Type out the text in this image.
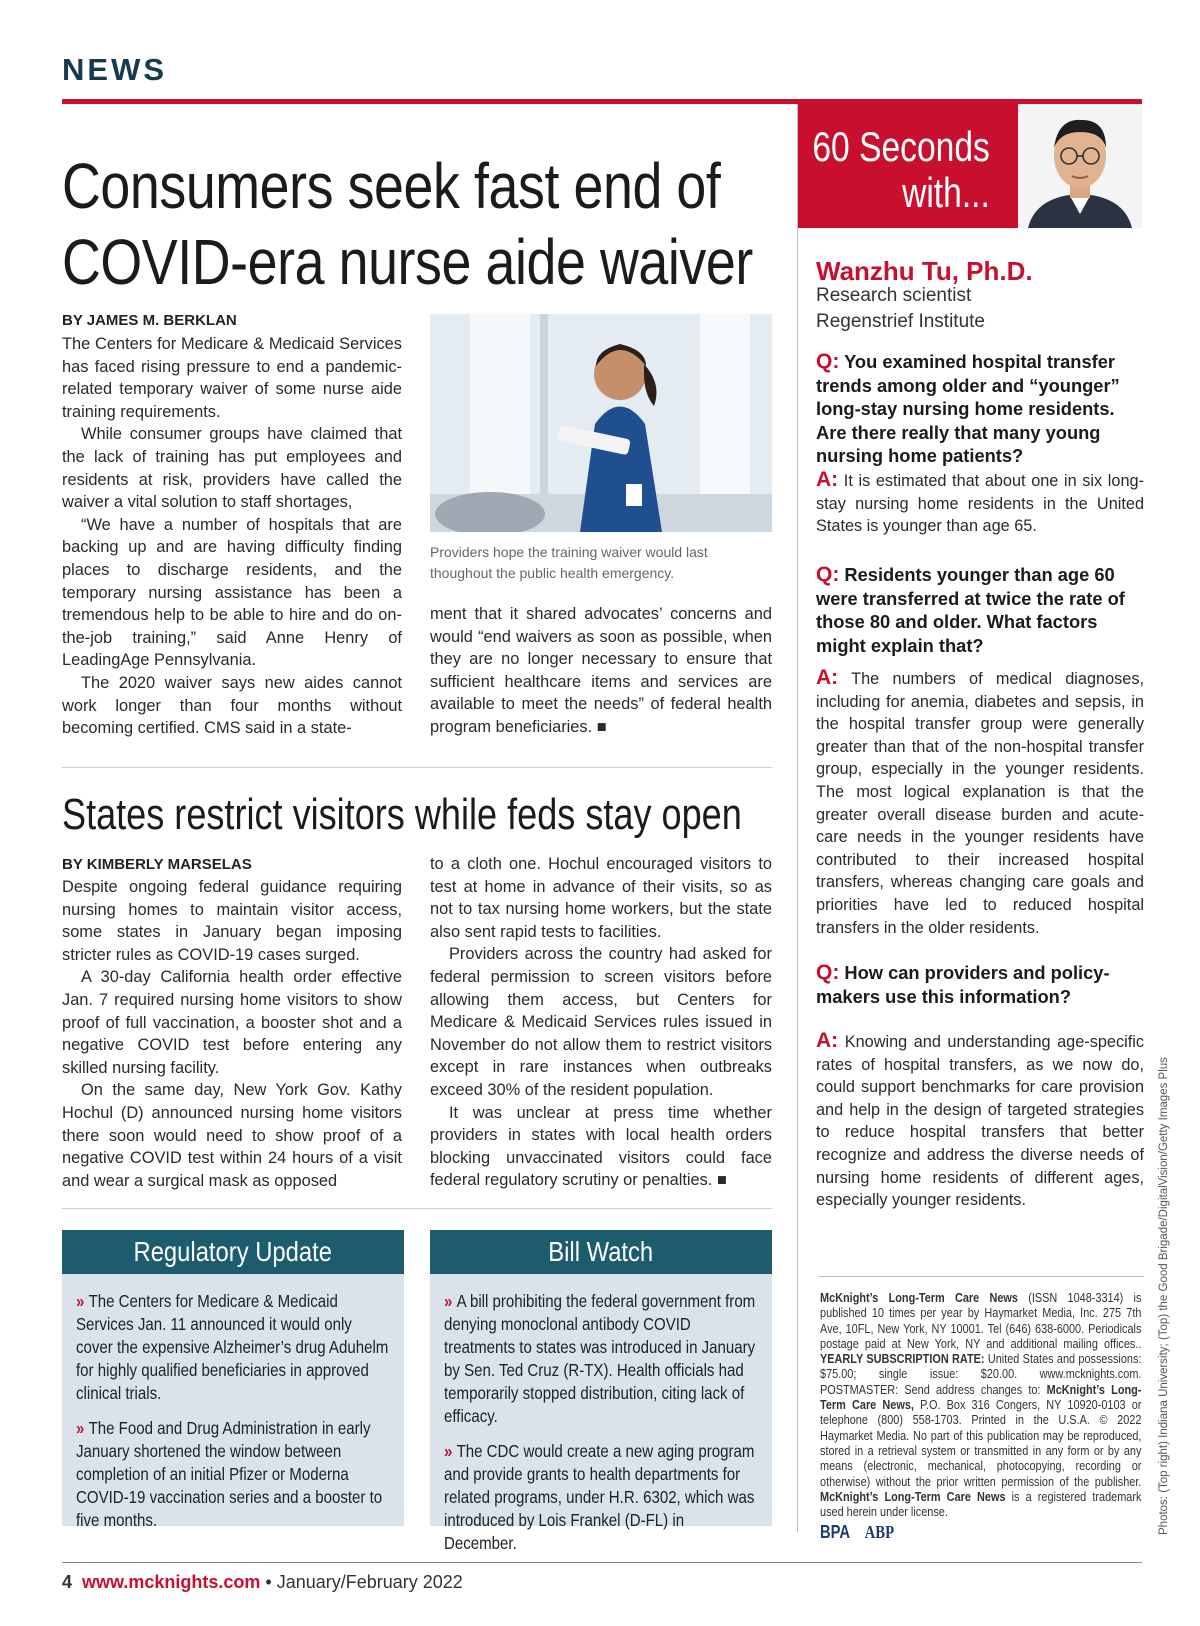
NEWS
Consumers seek fast end of
COVID-era nurse aide waiver
BY JAMES M. BERKLAN

The Centers for Medicare & Medicaid Services has faced rising pressure to end a pandemic-related temporary waiver of some nurse aide training requirements.

While consumer groups have claimed that the lack of training has put employees and residents at risk, providers have called the waiver a vital solution to staff shortages,

“We have a number of hospitals that are backing up and are having difficulty finding places to discharge residents, and the temporary nursing assistance has been a tremendous help to be able to hire and do on-the-job training,” said Anne Henry of LeadingAge Pennsylvania.

The 2020 waiver says new aides cannot work longer than four months without becoming certified. CMS said in a state-

Providers hope the training waiver would last thoughout the public health emergency.

ment that it shared advocates’ concerns and would “end waivers as soon as possible, when they are no longer necessary to ensure that sufficient healthcare items and services are available to meet the needs” of federal health program beneficiaries. ■

States restrict visitors while feds stay open
BY KIMBERLY MARSELAS

Despite ongoing federal guidance requiring nursing homes to maintain visitor access, some states in January began imposing stricter rules as COVID-19 cases surged.

A 30-day California health order effective Jan. 7 required nursing home visitors to show proof of full vaccination, a booster shot and a negative COVID test before entering any skilled nursing facility.

On the same day, New York Gov. Kathy Hochul (D) announced nursing home visitors there soon would need to show proof of a negative COVID test within 24 hours of a visit and wear a surgical mask as opposed

to a cloth one. Hochul encouraged visitors to test at home in advance of their visits, so as not to tax nursing home workers, but the state also sent rapid tests to facilities.

Providers across the country had asked for federal permission to screen visitors before allowing them access, but Centers for Medicare & Medicaid Services rules issued in November do not allow them to restrict visitors except in rare instances when outbreaks exceed 30% of the resident population.

It was unclear at press time whether providers in states with local health orders blocking unvaccinated visitors could face federal regulatory scrutiny or penalties. ■

Regulatory Update

» The Centers for Medicare & Medicaid Services Jan. 11 announced it would only cover the expensive Alzheimer’s drug Aduhelm for highly qualified beneficiaries in approved clinical trials.

» The Food and Drug Administration in early January shortened the window between completion of an initial Pfizer or Moderna COVID-19 vaccination series and a booster to five months.

Bill Watch

» A bill prohibiting the federal government from denying monoclonal antibody COVID treatments to states was introduced in January by Sen. Ted Cruz (R-TX). Health officials had temporarily stopped distribution, citing lack of efficacy.

» The CDC would create a new aging program and provide grants to health departments for related programs, under H.R. 6302, which was introduced by Lois Frankel (D-FL) in December.

60 Seconds
with...
Wanzhu Tu, Ph.D.
Research scientist
Regenstrief Institute
Q: You examined hospital transfer trends among older and “younger” long-stay nursing home residents. Are there really that many young nursing home patients?
A: It is estimated that about one in six long-stay nursing home residents in the United States is younger than age 65.
Q: Residents younger than age 60 were transferred at twice the rate of those 80 and older. What factors might explain that?
A: The numbers of medical diagnoses, including for anemia, diabetes and sepsis, in the hospital transfer group were generally greater than that of the non-hospital transfer group, especially in the younger residents. The most logical explanation is that the greater overall disease burden and acute-care needs in the younger residents have contributed to their increased hospital transfers, whereas changing care goals and priorities have led to reduced hospital transfers in the older residents.
Q: How can providers and policy-makers use this information?
A: Knowing and understanding age-specific rates of hospital transfers, as we now do, could support benchmarks for care provision and help in the design of targeted strategies to reduce hospital transfers that better recognize and address the diverse needs of nursing home residents of different ages, especially younger residents.
McKnight’s Long-Term Care News (ISSN 1048-3314) is published 10 times per year by Haymarket Media, Inc. 275 7th Ave, 10FL, New York, NY 10001. Tel (646) 638-6000. Periodicals postage paid at New York, NY and additional mailing offices.. YEARLY SUBSCRIPTION RATE: United States and possessions: $75.00; single issue: $20.00. www.mcknights.com. POSTMASTER: Send address changes to: McKnight’s Long-Term Care News, P.O. Box 316 Congers, NY 10920-0103 or telephone (800) 558-1703. Printed in the U.S.A. © 2022 Haymarket Media. No part of this publication may be reproduced, stored in a retrieval system or transmitted in any form or by any means (electronic, mechanical, photocopying, recording or otherwise) without the prior written permission of the publisher. McKnight’s Long-Term Care News is a registered trademark used herein under license.
BPA ABP	Photos: (Top right) Indiana University; (Top) the Good Brigade/DigitalVision/Getty Images Plus
4 www.mcknights.com • January/February 2022
